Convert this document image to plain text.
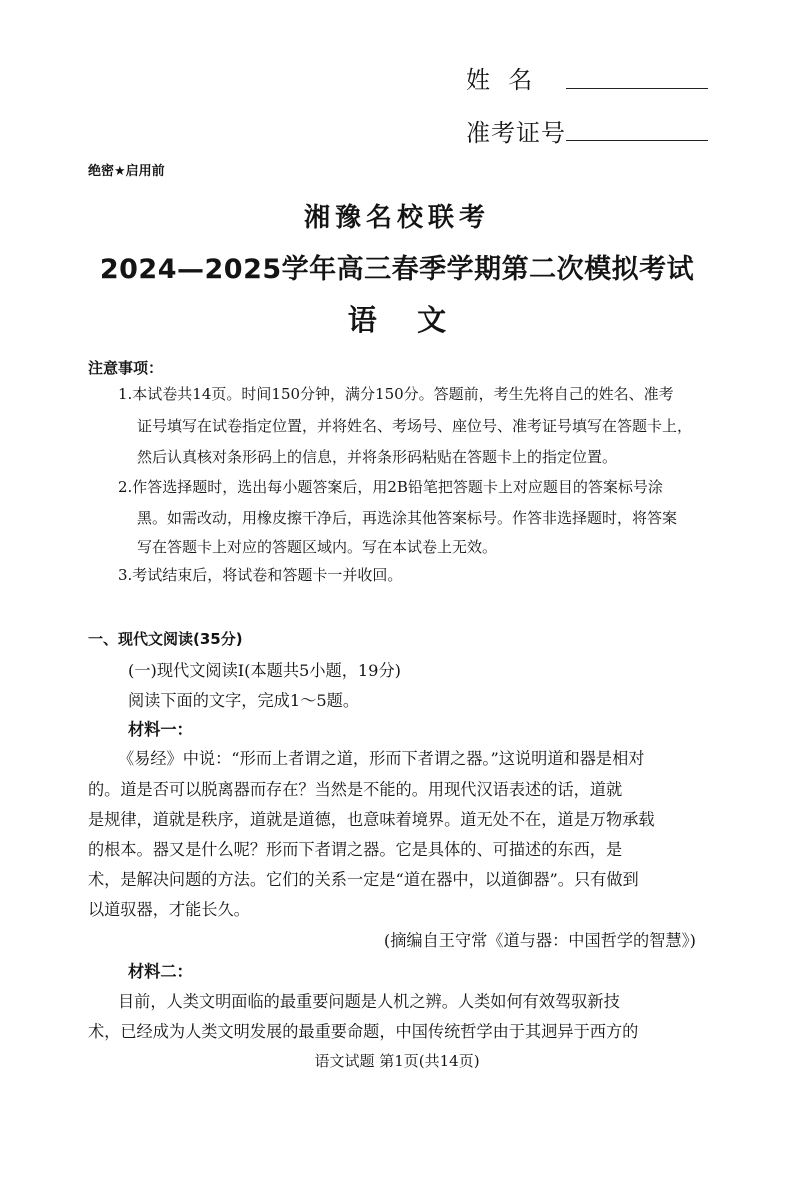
姓  名
准考证号
绝密★启用前
湘豫名校联考
2024—2025学年高三春季学期第二次模拟考试
语    文
注意事项：
1.本试卷共14页。时间150分钟，满分150分。答题前，考生先将自己的姓名、准考
证号填写在试卷指定位置，并将姓名、考场号、座位号、准考证号填写在答题卡上，
然后认真核对条形码上的信息，并将条形码粘贴在答题卡上的指定位置。
2.作答选择题时，选出每小题答案后，用2B铅笔把答题卡上对应题目的答案标号涂
黑。如需改动，用橡皮擦干净后，再选涂其他答案标号。作答非选择题时，将答案
写在答题卡上对应的答题区域内。写在本试卷上无效。
3.考试结束后，将试卷和答题卡一并收回。
一、现代文阅读(35分)
(一)现代文阅读Ⅰ(本题共5小题，19分)
阅读下面的文字，完成1～5题。
材料一：
《易经》中说：“形而上者谓之道，形而下者谓之器。”这说明道和器是相对
的。道是否可以脱离器而存在？当然是不能的。用现代汉语表述的话，道就
是规律，道就是秩序，道就是道德，也意味着境界。道无处不在，道是万物承载
的根本。器又是什么呢？形而下者谓之器。它是具体的、可描述的东西，是
术，是解决问题的方法。它们的关系一定是“道在器中，以道御器”。只有做到
以道驭器，才能长久。
(摘编自王守常《道与器：中国哲学的智慧》)
材料二：
目前，人类文明面临的最重要问题是人机之辨。人类如何有效驾驭新技
术，已经成为人类文明发展的最重要命题，中国传统哲学由于其迥异于西方的
语文试题 第1页(共14页)
